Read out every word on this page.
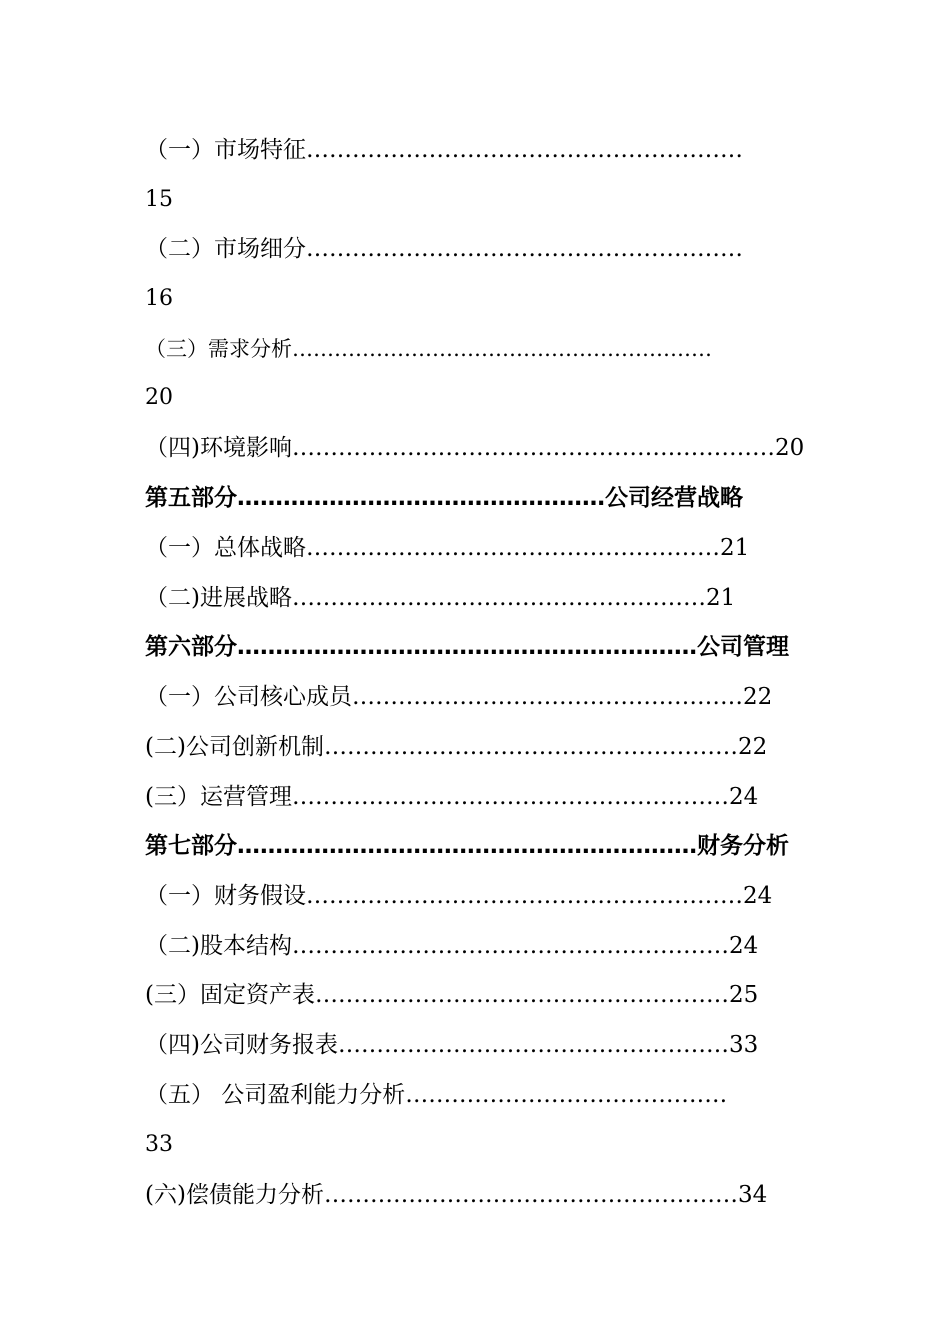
（一）市场特征…………………………………………………
15
（二）市场细分…………………………………………………
16
（三）需求分析……………………………………………………
20
（四)环境影响………………………………………………………20
第五部分…………………………………………公司经营战略
（一）总体战略………………………………………………21
（二)进展战略………………………………………………21
第六部分……………………………………………………公司管理
（一）公司核心成员……………………………………………22
(二)公司创新机制………………………………………………22
(三）运营管理…………………………………………………24
第七部分……………………………………………………财务分析
（一）财务假设…………………………………………………24
（二)股本结构…………………………………………………24
(三）固定资产表………………………………………………25
（四)公司财务报表……………………………………………33
（五） 公司盈利能力分析……………………………………
33
(六)偿债能力分析………………………………………………34
